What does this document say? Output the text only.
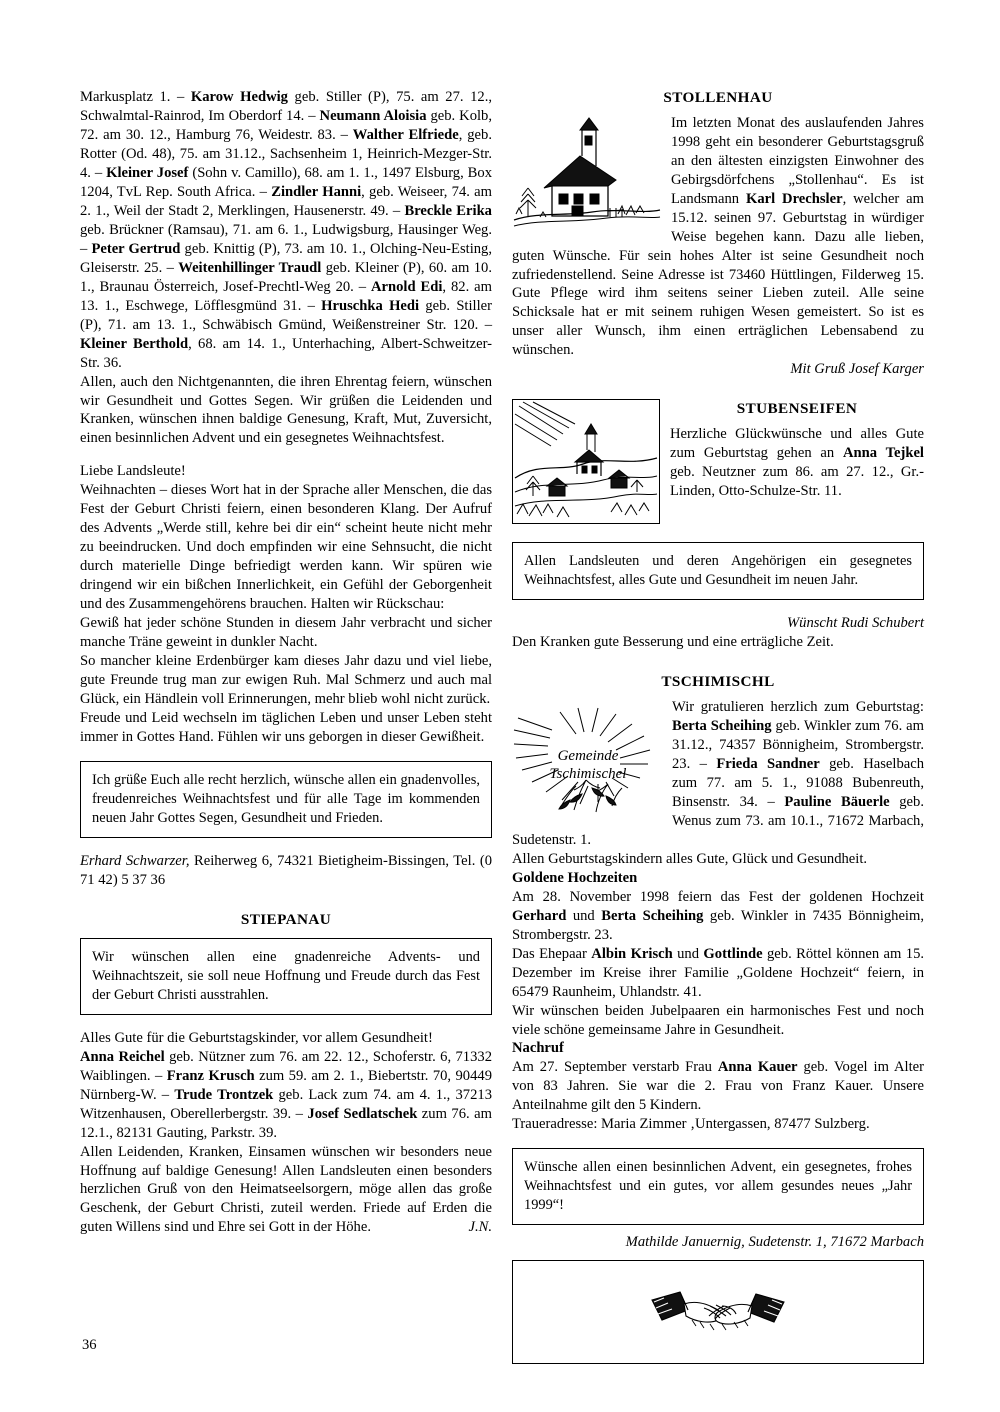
Markusplatz 1. – Karow Hedwig geb. Stiller (P), 75. am 27. 12., Schwalmtal-Rainrod, Im Oberdorf 14. – Neumann Aloisia geb. Kolb, 72. am 30. 12., Hamburg 76, Weidestr. 83. – Walther Elfriede, geb. Rotter (Od. 48), 75. am 31.12., Sachsenheim 1, Heinrich-Mezger-Str. 4. – Kleiner Josef (Sohn v. Camillo), 68. am 1. 1., 1497 Elsburg, Box 1204, TvL Rep. South Africa. – Zindler Hanni, geb. Weiseer, 74. am 2. 1., Weil der Stadt 2, Merklingen, Hausenerstr. 49. – Breckle Erika geb. Brückner (Ramsau), 71. am 6. 1., Ludwigsburg, Hausinger Weg. – Peter Gertrud geb. Knittig (P), 73. am 10. 1., Olching-Neu-Esting, Gleiserstr. 25. – Weitenhillinger Traudl geb. Kleiner (P), 60. am 10. 1., Braunau Österreich, Josef-Prechtl-Weg 20. – Arnold Edi, 82. am 13. 1., Eschwege, Löfflesgmünd 31. – Hruschka Hedi geb. Stiller (P), 71. am 13. 1., Schwäbisch Gmünd, Weißenstreiner Str. 120. – Kleiner Berthold, 68. am 14. 1., Unterhaching, Albert-Schweitzer-Str. 36.
Allen, auch den Nichtgenannten, die ihren Ehrentag feiern, wünschen wir Gesundheit und Gottes Segen. Wir grüßen die Leidenden und Kranken, wünschen ihnen baldige Genesung, Kraft, Mut, Zuversicht, einen besinnlichen Advent und ein gesegnetes Weihnachtsfest.
Liebe Landsleute!
Weihnachten – dieses Wort hat in der Sprache aller Menschen, die das Fest der Geburt Christi feiern, einen besonderen Klang. Der Aufruf des Advents „Werde still, kehre bei dir ein“ scheint heute nicht mehr zu beeindrucken. Und doch empfinden wir eine Sehnsucht, die nicht durch materielle Dinge befriedigt werden kann. Wir spüren wie dringend wir ein bißchen Innerlichkeit, ein Gefühl der Geborgenheit und des Zusammengehörens brauchen. Halten wir Rückschau:
Gewiß hat jeder schöne Stunden in diesem Jahr verbracht und sicher manche Träne geweint in dunkler Nacht.
So mancher kleine Erdenbürger kam dieses Jahr dazu und viel liebe, gute Freunde trug man zur ewigen Ruh. Mal Schmerz und auch mal Glück, ein Händlein voll Erinnerungen, mehr blieb wohl nicht zurück.
Freude und Leid wechseln im täglichen Leben und unser Leben steht immer in Gottes Hand. Fühlen wir uns geborgen in dieser Gewißheit.
Ich grüße Euch alle recht herzlich, wünsche allen ein gnadenvolles, freudenreiches Weihnachtsfest und für alle Tage im kommenden neuen Jahr Gottes Segen, Gesundheit und Frieden.
Erhard Schwarzer, Reiherweg 6, 74321 Bietigheim-Bissingen, Tel. (0 71 42) 5 37 36
STIEPANAU
Wir wünschen allen eine gnadenreiche Advents- und Weihnachtszeit, sie soll neue Hoffnung und Freude durch das Fest der Geburt Christi ausstrahlen.
Alles Gute für die Geburtstagskinder, vor allem Gesundheit!
Anna Reichel geb. Nützner zum 76. am 22. 12., Schoferstr. 6, 71332 Waiblingen. – Franz Krusch zum 59. am 2. 1., Biebertstr. 70, 90449 Nürnberg-W. – Trude Trontzek geb. Lack zum 74. am 4. 1., 37213 Witzenhausen, Oberellerbergstr. 39. – Josef Sedlatschek zum 76. am 12.1., 82131 Gauting, Parkstr. 39.
Allen Leidenden, Kranken, Einsamen wünschen wir besonders neue Hoffnung auf baldige Genesung! Allen Landsleuten einen besonders herzlichen Gruß von den Heimatseelsorgern, möge allen das große Geschenk, der Geburt Christi, zuteil werden. Friede auf Erden die guten Willens sind und Ehre sei Gott in der Höhe.	J.N.
STOLLENHAU
Im letzten Monat des auslaufenden Jahres 1998 geht ein besonderer Geburtstagsgruß an den ältesten einzigsten Einwohner des Gebirgsdörfchens „Stollenhau“. Es ist Landsmann Karl Drechsler, welcher am 15.12. seinen 97. Geburtstag in würdiger Weise begehen kann. Dazu alle lieben, guten Wünsche. Für sein hohes Alter ist seine Gesundheit noch zufriedenstellend. Seine Adresse ist 73460 Hüttlingen, Filderweg 15. Gute Pflege wird ihm seitens seiner Lieben zuteil. Alle seine Schicksale hat er mit seinem ruhigen Wesen gemeistert. So ist es unser aller Wunsch, ihm einen erträglichen Lebensabend zu wünschen.
Mit Gruß Josef Karger
STUBENSEIFEN
Herzliche Glückwünsche und alles Gute zum Geburtstag gehen an Anna Tejkel geb. Neutzner zum 86. am 27. 12., Gr.-Linden, Otto-Schulze-Str. 11.
Allen Landsleuten und deren Angehörigen ein gesegnetes Weihnachtsfest, alles Gute und Gesundheit im neuen Jahr.
Wünscht Rudi Schubert
Den Kranken gute Besserung und eine erträgliche Zeit.
TSCHIMISCHL
Gemeinde
Tschimischel
Wir gratulieren herzlich zum Geburtstag: Berta Scheihing geb. Winkler zum 76. am 31.12., 74357 Bönnigheim, Strombergstr. 23. – Frieda Sandner geb. Haselbach zum 77. am 5. 1., 91088 Bubenreuth, Binsenstr. 34. – Pauline Bäuerle geb. Wenus zum 73. am 10.1., 71672 Marbach, Sudetenstr. 1.
Allen Geburtstagskindern alles Gute, Glück und Gesundheit.
Goldene Hochzeiten
Am 28. November 1998 feiern das Fest der goldenen Hochzeit Gerhard und Berta Scheihing geb. Winkler in 7435 Bönnigheim, Strombergstr. 23.
Das Ehepaar Albin Krisch und Gottlinde geb. Röttel können am 15. Dezember im Kreise ihrer Familie „Goldene Hochzeit“ feiern, in 65479 Raunheim, Uhlandstr. 41.
Wir wünschen beiden Jubelpaaren ein harmonisches Fest und noch viele schöne gemeinsame Jahre in Gesundheit.
Nachruf
Am 27. September verstarb Frau Anna Kauer geb. Vogel im Alter von 83 Jahren. Sie war die 2. Frau von Franz Kauer. Unsere Anteilnahme gilt den 5 Kindern.
Traueradresse: Maria Zimmer ‚Untergassen, 87477 Sulzberg.
Wünsche allen einen besinnlichen Advent, ein gesegnetes, frohes Weihnachtsfest und ein gutes, vor allem gesundes neues „Jahr 1999“!
Mathilde Januernig, Sudetenstr. 1, 71672 Marbach
36
